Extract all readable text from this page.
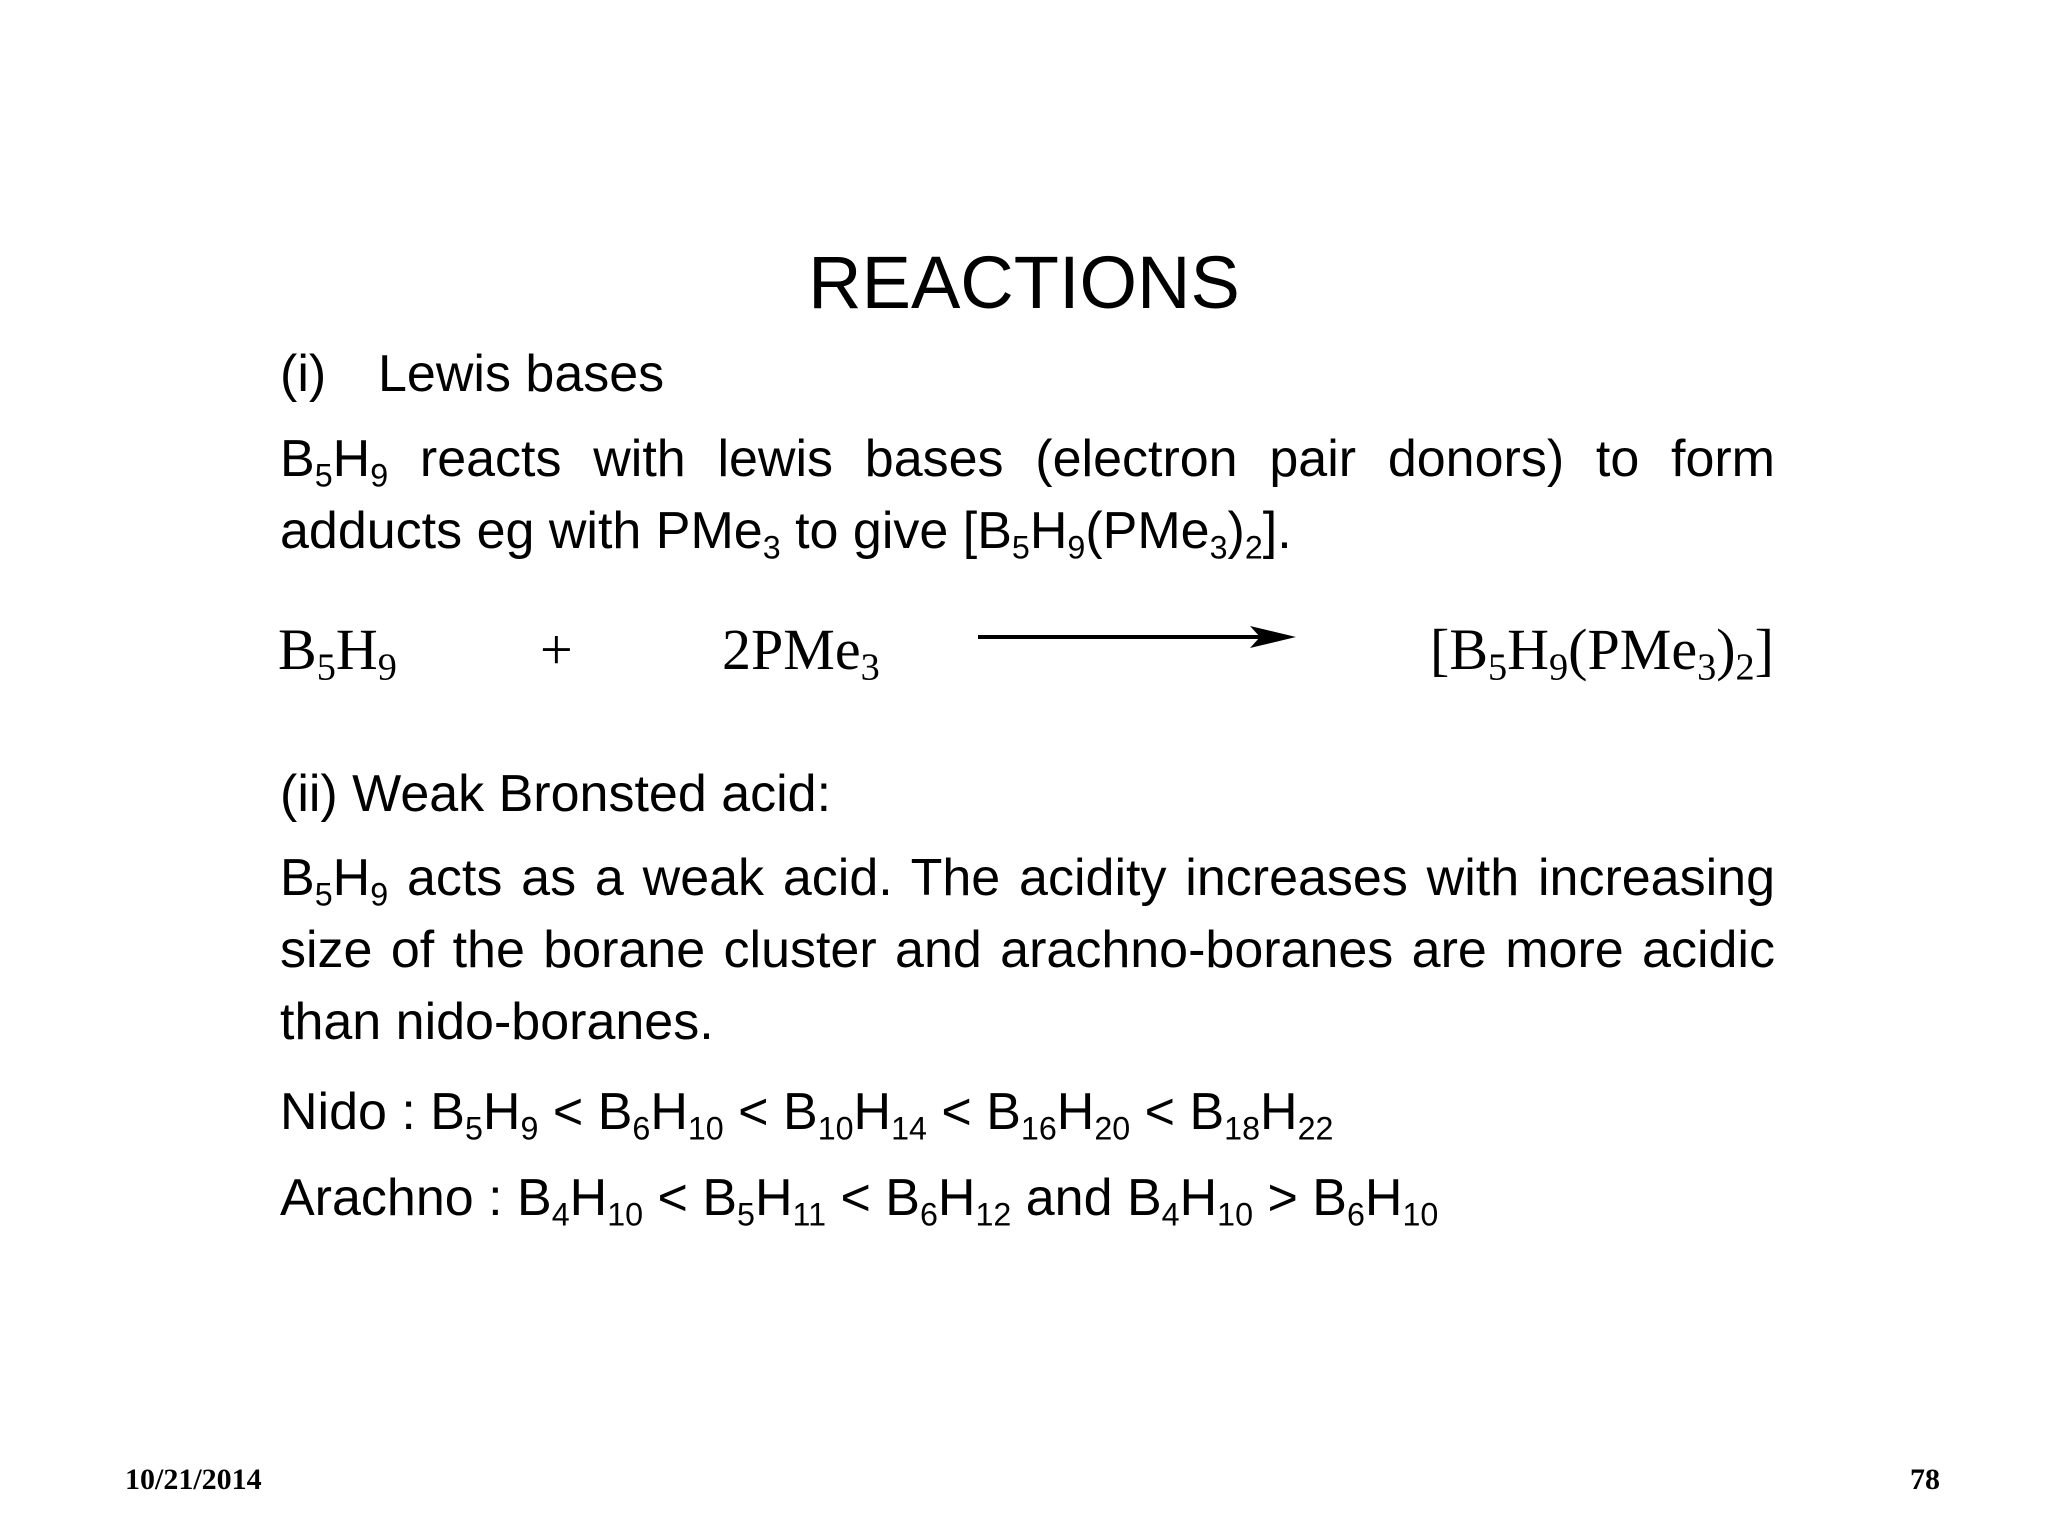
REACTIONS
(i) Lewis bases
$B_5H_9$ reacts with lewis bases (electron pair donors) to form adducts eg with PMe$_3$ to give $[B_5H_9(PMe_3)_2]$.
$B_5H_9$ +	2PMe$_3$	$[B_5H_9(PMe_3)_2]$
(ii) Weak Bronsted acid:
$B_5H_9$ acts as a weak acid. The acidity increases with increasing size of the borane cluster and arachno-boranes are more acidic than nido-boranes.
Nido : $B_5H_9 < B_6H_{10} < B_{10}H_{14} < B_{16}H_{20} < B_{18}H_{22}$
Arachno : $B_4H_{10} < B_5H_{11} < B_6H_{12}$ and $B_4H_{10} > B_6H_{10}$
10/21/2014	78
